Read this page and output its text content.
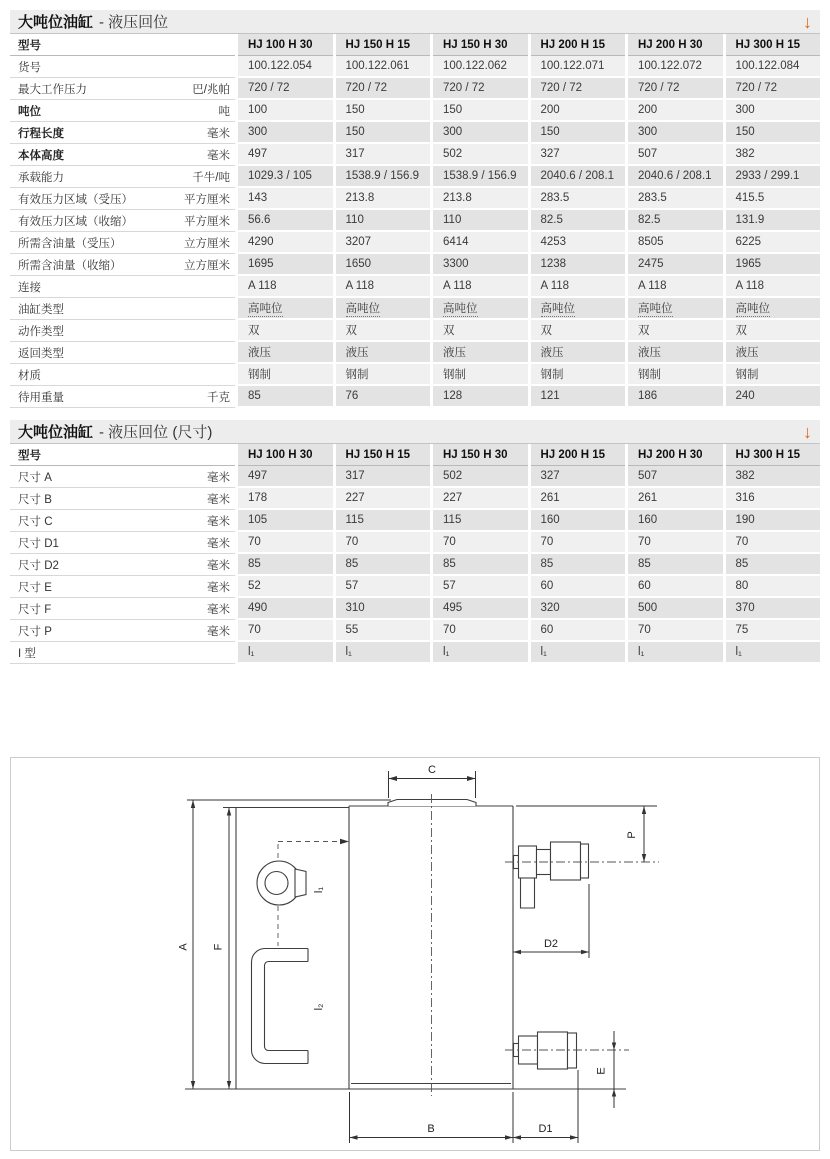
大吨位油缸 - 液压回位	↓
型号	HJ 100 H 30	HJ 150 H 15	HJ 150 H 30	HJ 200 H 15	HJ 200 H 30	HJ 300 H 15
货号	100.122.054	100.122.061	100.122.062	100.122.071	100.122.072	100.122.084
最大工作压力	巴/兆帕	720 / 72	720 / 72	720 / 72	720 / 72	720 / 72	720 / 72
吨位	吨	100	150	150	200	200	300
行程长度	毫米	300	150	300	150	300	150
本体高度	毫米	497	317	502	327	507	382
承载能力	千牛/吨	1029.3 / 105	1538.9 / 156.9	1538.9 / 156.9	2040.6 / 208.1	2040.6 / 208.1	2933 / 299.1
有效压力区域（受压）	平方厘米	143	213.8	213.8	283.5	283.5	415.5
有效压力区域（收缩）	平方厘米	56.6	110	110	82.5	82.5	131.9
所需含油量（受压）	立方厘米	4290	3207	6414	4253	8505	6225
所需含油量（收缩）	立方厘米	1695	1650	3300	1238	2475	1965
连接	A 118	A 118	A 118	A 118	A 118	A 118
油缸类型	高吨位	高吨位	高吨位	高吨位	高吨位	高吨位
动作类型	双	双	双	双	双	双
返回类型	液压	液压	液压	液压	液压	液压
材质	钢制	钢制	钢制	钢制	钢制	钢制
待用重量	千克	85	76	128	121	186	240
大吨位油缸 - 液压回位 (尺寸)	↓
型号	HJ 100 H 30	HJ 150 H 15	HJ 150 H 30	HJ 200 H 15	HJ 200 H 30	HJ 300 H 15
尺寸 A	毫米	497	317	502	327	507	382
尺寸 B	毫米	178	227	227	261	261	316
尺寸 C	毫米	105	115	115	160	160	190
尺寸 D1	毫米	70	70	70	70	70	70
尺寸 D2	毫米	85	85	85	85	85	85
尺寸 E	毫米	52	57	57	60	60	80
尺寸 F	毫米	490	310	495	320	500	370
尺寸 P	毫米	70	55	70	60	70	75
I 型	l₁	l₁	l₁	l₁	l₁	l₁
C
A F
P
D2
E
B	D1
l₁
l₂
